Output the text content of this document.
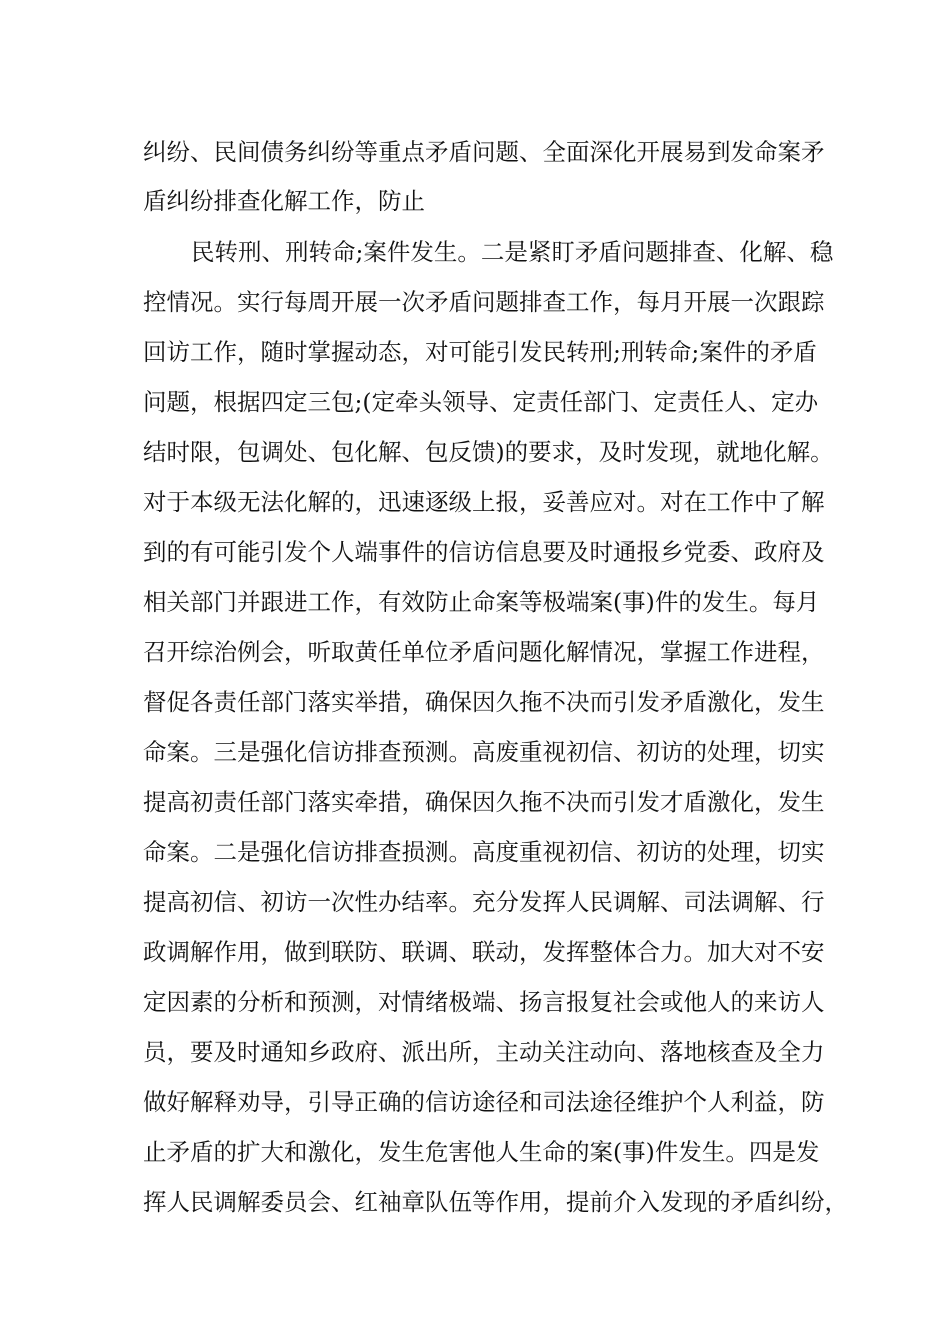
纠纷、民间债务纠纷等重点矛盾问题、全面深化开展易到发命案矛
盾纠纷排查化解工作，防止
民转刑、刑转命;案件发生。二是紧盯矛盾问题排查、化解、稳
控情况。实行每周开展一次矛盾问题排查工作，每月开展一次跟踪
回访工作，随时掌握动态，对可能引发民转刑;刑转命;案件的矛盾
问题，根据四定三包;(定牵头领导、定责任部门、定责任人、定办
结时限，包调处、包化解、包反馈)的要求，及时发现，就地化解。
对于本级无法化解的，迅速逐级上报，妥善应对。对在工作中了解
到的有可能引发个人端事件的信访信息要及时通报乡党委、政府及
相关部门并跟进工作，有效防止命案等极端案(事)件的发生。每月
召开综治例会，听取黄任单位矛盾问题化解情况，掌握工作进程，
督促各责任部门落实举措，确保因久拖不决而引发矛盾激化，发生
命案。三是强化信访排查预测。高废重视初信、初访的处理，切实
提高初责任部门落实牵措，确保因久拖不决而引发才盾激化，发生
命案。二是强化信访排查损测。高度重视初信、初访的处理，切实
提高初信、初访一次性办结率。充分发挥人民调解、司法调解、行
政调解作用，做到联防、联调、联动，发挥整体合力。加大对不安
定因素的分析和预测，对情绪极端、扬言报复社会或他人的来访人
员，要及时通知乡政府、派出所，主动关注动向、落地核查及全力
做好解释劝导，引导正确的信访途径和司法途径维护个人利益，防
止矛盾的扩大和激化，发生危害他人生命的案(事)件发生。四是发
挥人民调解委员会、红袖章队伍等作用，提前介入发现的矛盾纠纷，
